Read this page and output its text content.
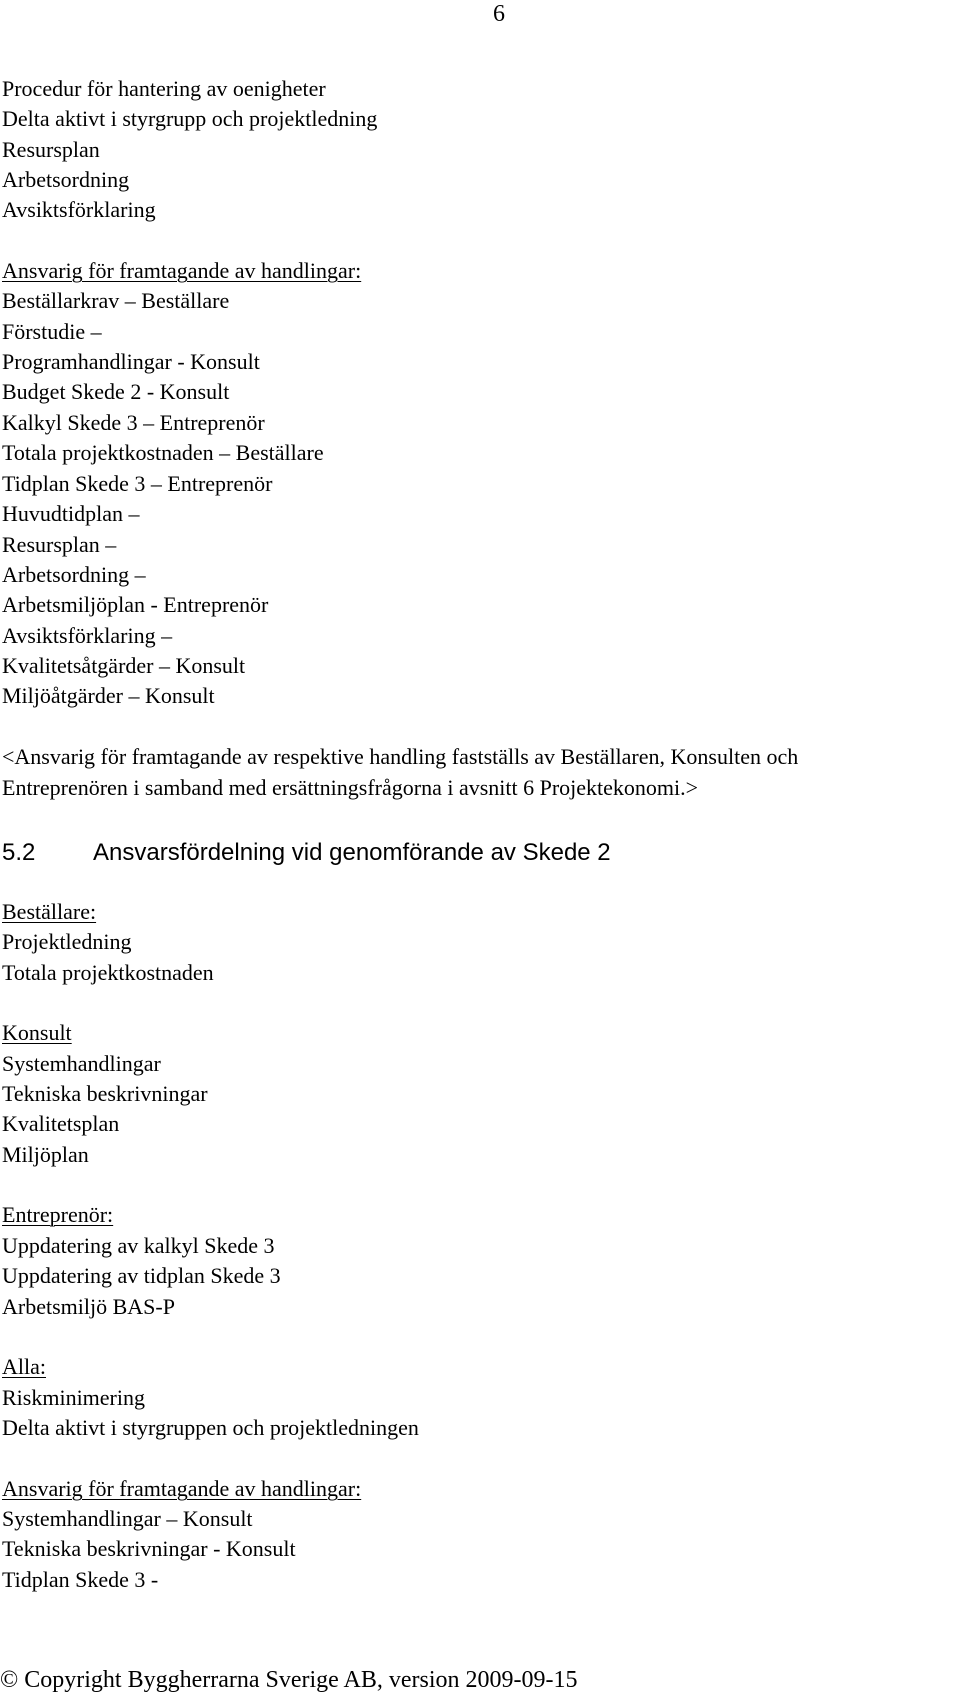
6
Procedur för hantering av oenigheter
Delta aktivt i styrgrupp och projektledning
Resursplan
Arbetsordning
Avsiktsförklaring
Ansvarig för framtagande av handlingar:
Beställarkrav – Beställare
Förstudie –
Programhandlingar - Konsult
Budget Skede 2 - Konsult
Kalkyl Skede 3 – Entreprenör
Totala projektkostnaden – Beställare
Tidplan Skede 3 – Entreprenör
Huvudtidplan –
Resursplan –
Arbetsordning –
Arbetsmiljöplan - Entreprenör
Avsiktsförklaring –
Kvalitetsåtgärder – Konsult
Miljöåtgärder – Konsult
<Ansvarig för framtagande av respektive handling fastställs av Beställaren, Konsulten och
Entreprenören i samband med ersättningsfrågorna i avsnitt 6 Projektekonomi.>
5.2 Ansvarsfördelning vid genomförande av Skede 2
Beställare:
Projektledning
Totala projektkostnaden
Konsult
Systemhandlingar
Tekniska beskrivningar
Kvalitetsplan
Miljöplan
Entreprenör:
Uppdatering av kalkyl Skede 3
Uppdatering av tidplan Skede 3
Arbetsmiljö BAS-P
Alla:
Riskminimering
Delta aktivt i styrgruppen och projektledningen
Ansvarig för framtagande av handlingar:
Systemhandlingar – Konsult
Tekniska beskrivningar - Konsult
Tidplan Skede 3 -
© Copyright Byggherrarna Sverige AB, version 2009-09-15
